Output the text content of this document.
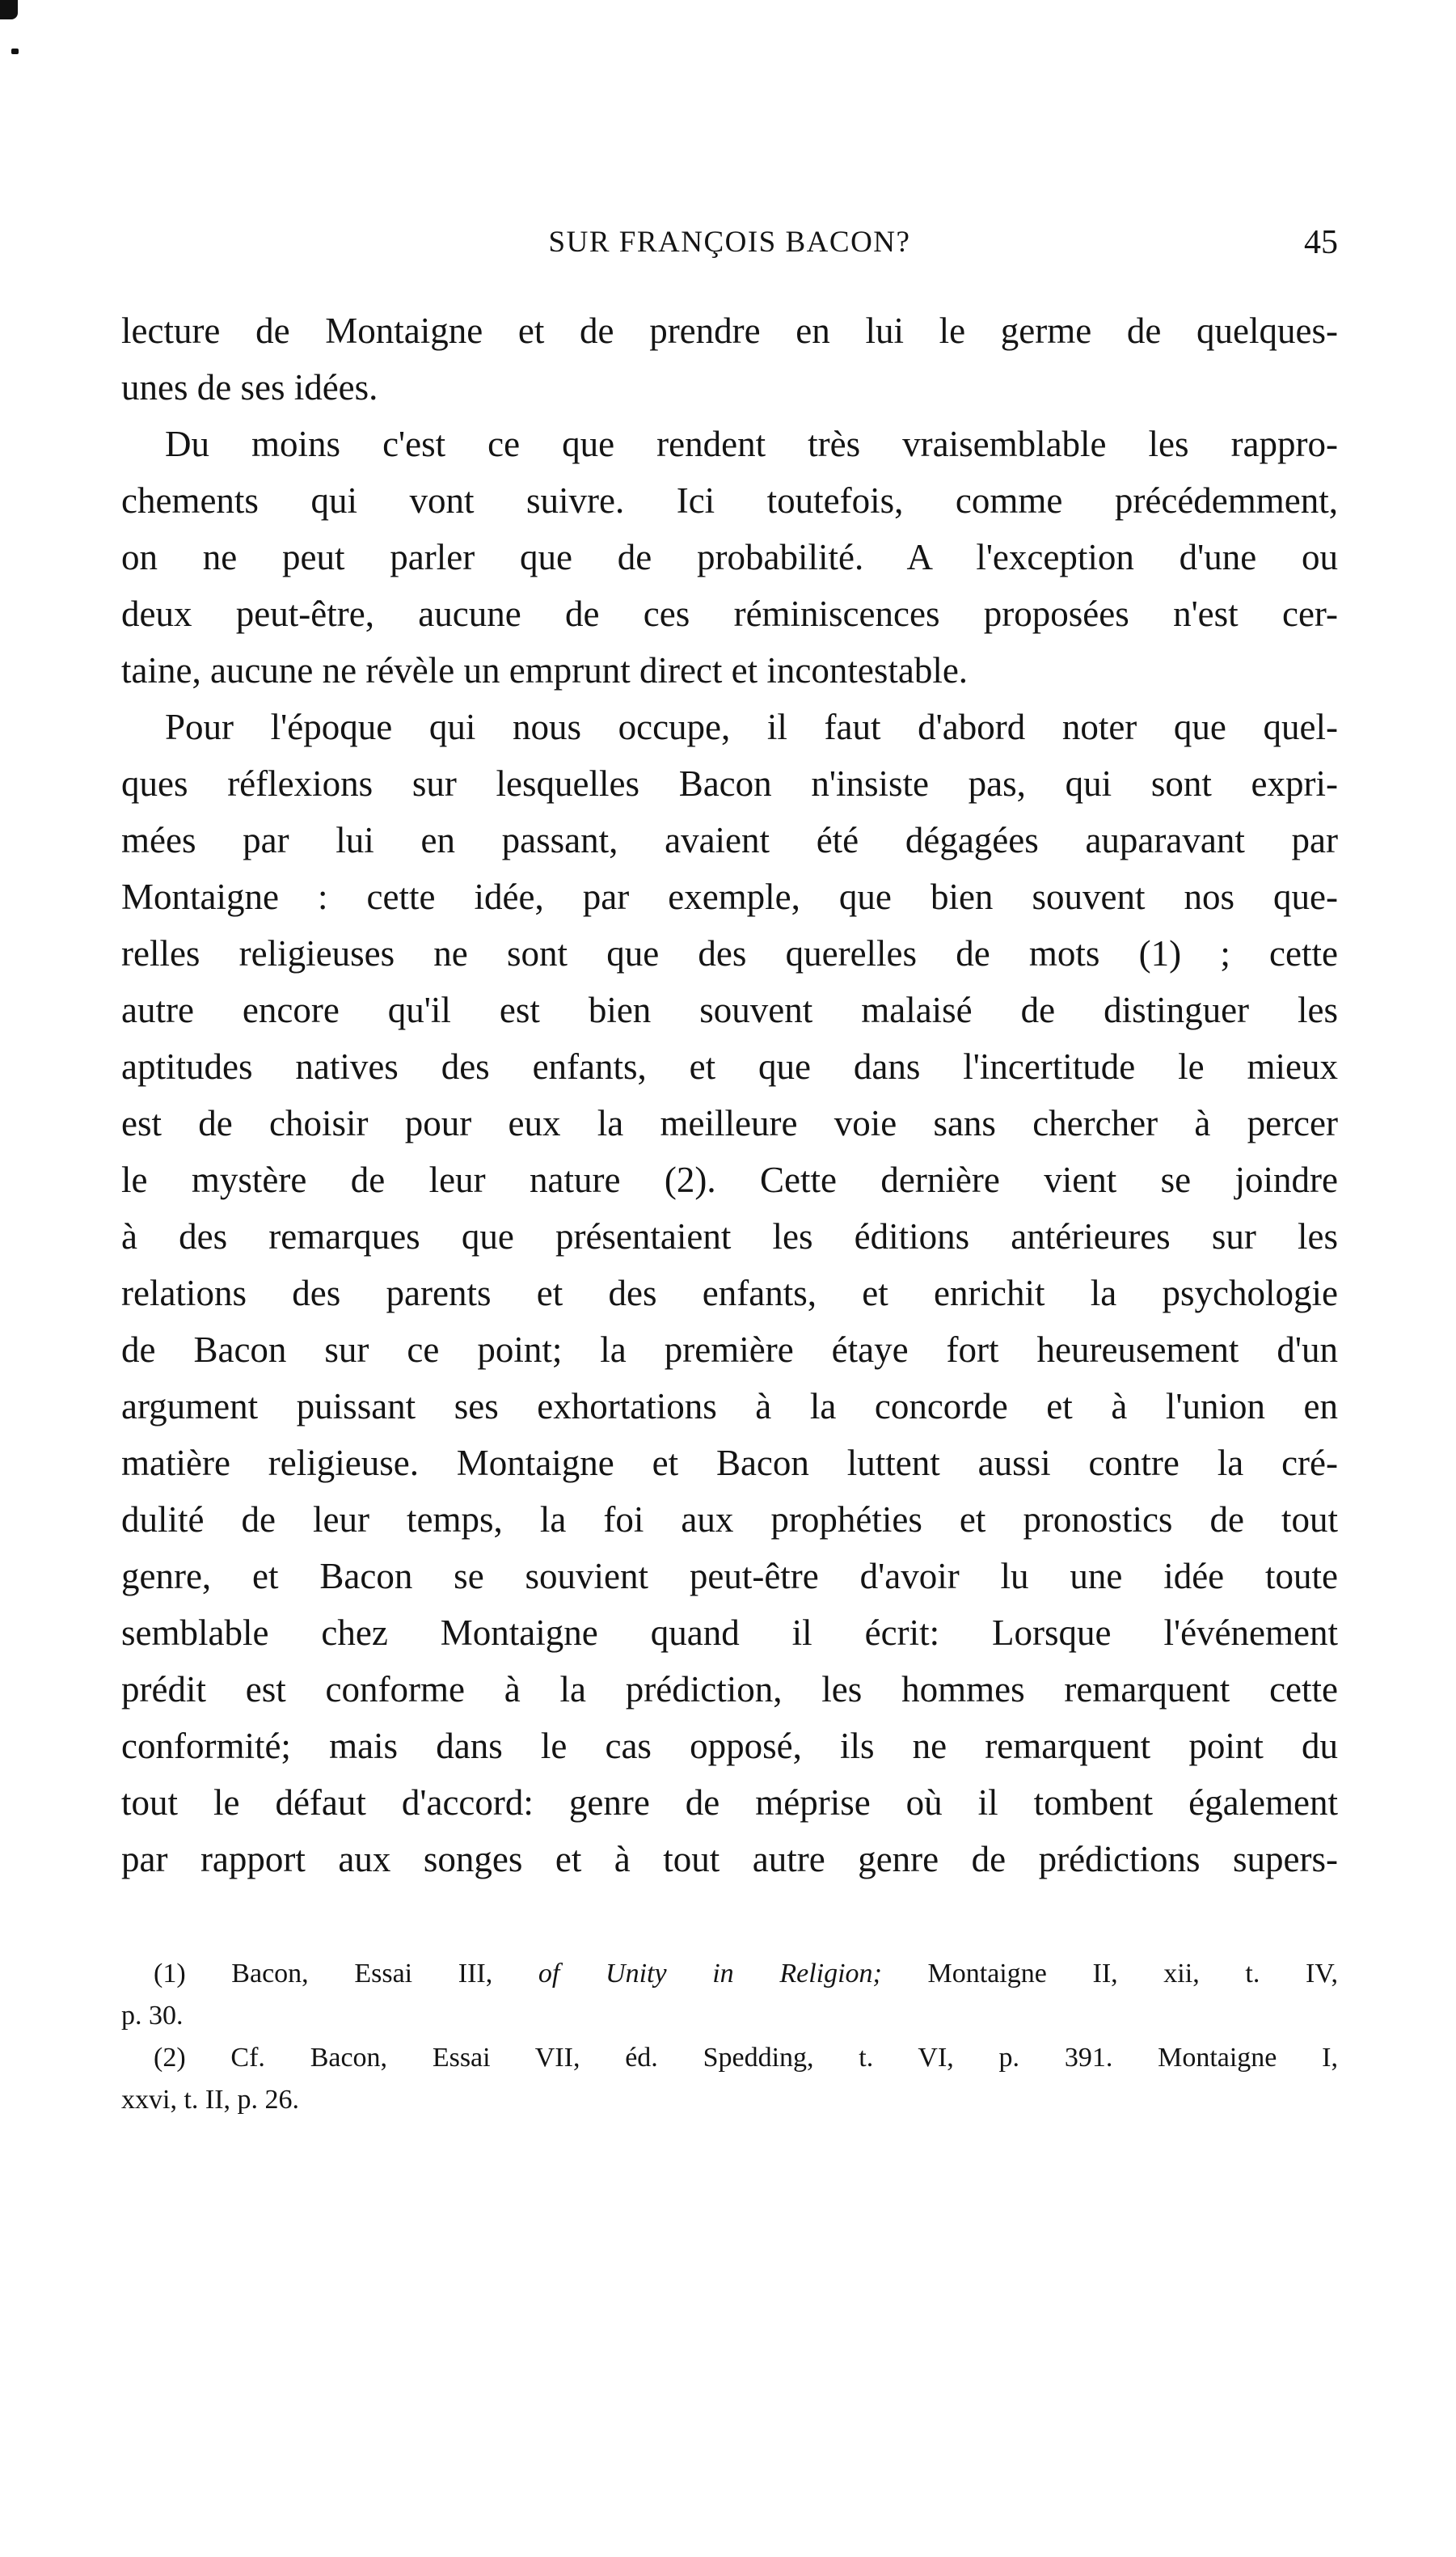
SUR FRANÇOIS BACON?	45
lecture de Montaigne et de prendre en lui le germe de quelques-
unes de ses idées.
Du moins c'est ce que rendent très vraisemblable les rappro-
chements qui vont suivre. Ici toutefois, comme précédemment,
on ne peut parler que de probabilité. A l'exception d'une ou
deux peut-être, aucune de ces réminiscences proposées n'est cer-
taine, aucune ne révèle un emprunt direct et incontestable.
Pour l'époque qui nous occupe, il faut d'abord noter que quel-
ques réflexions sur lesquelles Bacon n'insiste pas, qui sont expri-
mées par lui en passant, avaient été dégagées auparavant par
Montaigne : cette idée, par exemple, que bien souvent nos que-
relles religieuses ne sont que des querelles de mots (1) ; cette
autre encore qu'il est bien souvent malaisé de distinguer les
aptitudes natives des enfants, et que dans l'incertitude le mieux
est de choisir pour eux la meilleure voie sans chercher à percer
le mystère de leur nature (2). Cette dernière vient se joindre
à des remarques que présentaient les éditions antérieures sur les
relations des parents et des enfants, et enrichit la psychologie
de Bacon sur ce point; la première étaye fort heureusement d'un
argument puissant ses exhortations à la concorde et à l'union en
matière religieuse. Montaigne et Bacon luttent aussi contre la cré-
dulité de leur temps, la foi aux prophéties et pronostics de tout
genre, et Bacon se souvient peut-être d'avoir lu une idée toute
semblable chez Montaigne quand il écrit: Lorsque l'événement
prédit est conforme à la prédiction, les hommes remarquent cette
conformité; mais dans le cas opposé, ils ne remarquent point du
tout le défaut d'accord: genre de méprise où il tombent également
par rapport aux songes et à tout autre genre de prédictions supers-
(1) Bacon, Essai III, of Unity in Religion; Montaigne II, xii, t. IV,
p. 30.
(2) Cf. Bacon, Essai VII, éd. Spedding, t. VI, p. 391. Montaigne I,
xxvi, t. II, p. 26.
